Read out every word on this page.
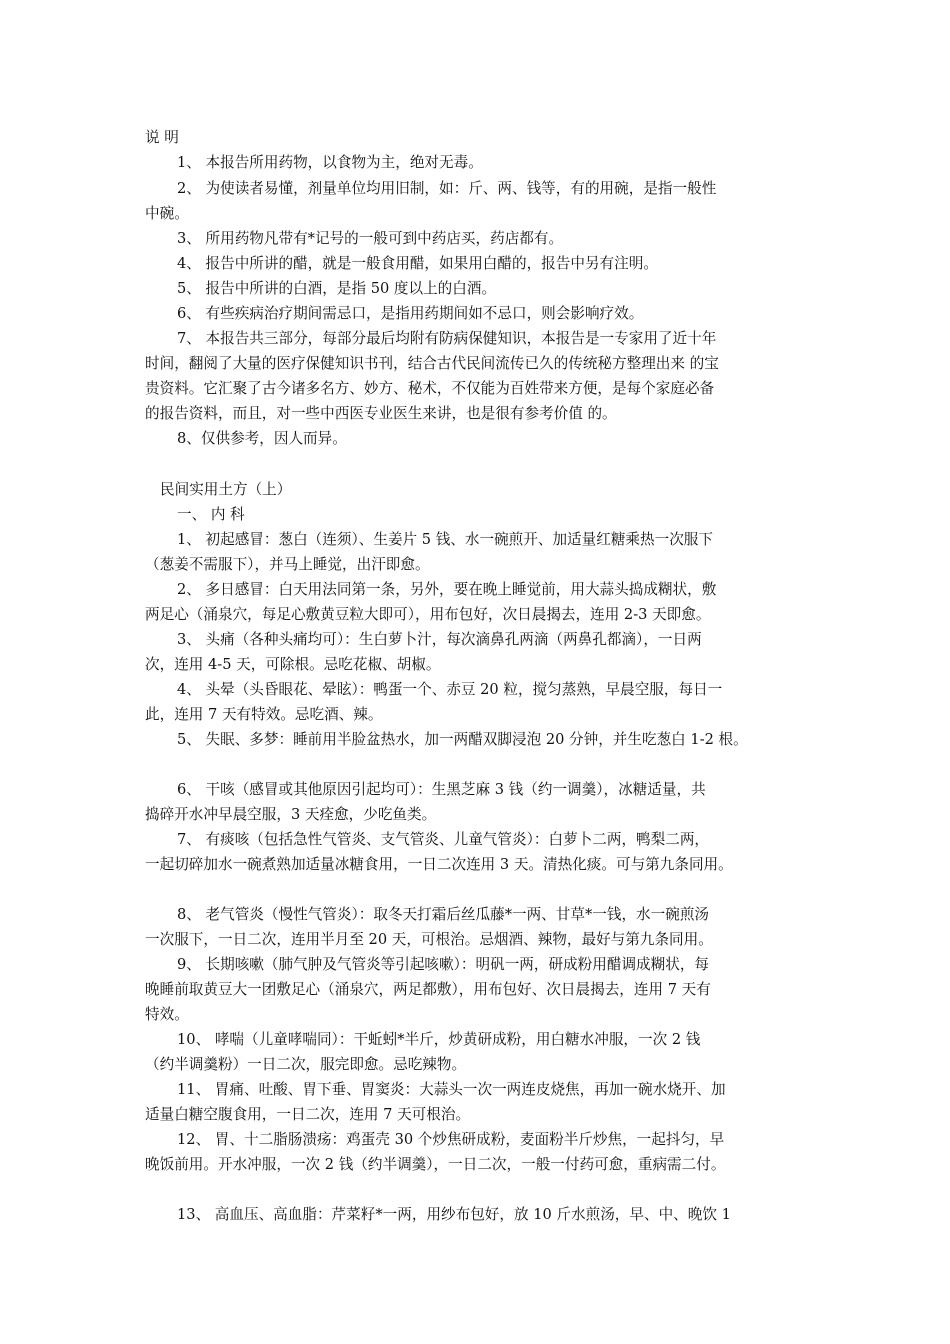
说 明
1、 本报告所用药物，以食物为主，绝对无毒。
2、 为使读者易懂，剂量单位均用旧制，如：斤、两、钱等，有的用碗，是指一般性
中碗。
3、 所用药物凡带有*记号的一般可到中药店买，药店都有。
4、 报告中所讲的醋，就是一般食用醋，如果用白醋的，报告中另有注明。
5、 报告中所讲的白酒，是指 50 度以上的白酒。
6、 有些疾病治疗期间需忌口，是指用药期间如不忌口，则会影响疗效。
7、 本报告共三部分，每部分最后均附有防病保健知识，本报告是一专家用了近十年
时间，翻阅了大量的医疗保健知识书刊，结合古代民间流传已久的传统秘方整理出来 的宝
贵资料。它汇聚了古今诸多名方、妙方、秘术，不仅能为百姓带来方便，是每个家庭必备
的报告资料，而且，对一些中西医专业医生来讲，也是很有参考价值 的。
8、仅供参考，因人而异。
民间实用土方（上）
一、 内 科
1、 初起感冒：葱白（连须）、生姜片 5 钱、水一碗煎开、加适量红糖乘热一次服下
（葱姜不需服下），并马上睡觉，出汗即愈。
2、 多日感冒：白天用法同第一条，另外，要在晚上睡觉前，用大蒜头捣成糊状，敷
两足心（涌泉穴，每足心敷黄豆粒大即可），用布包好，次日晨揭去，连用 2-3 天即愈。
3、 头痛（各种头痛均可）：生白萝卜汁，每次滴鼻孔两滴（两鼻孔都滴），一日两
次，连用 4-5 天，可除根。忌吃花椒、胡椒。
4、 头晕（头昏眼花、晕眩）：鸭蛋一个、赤豆 20 粒，搅匀蒸熟，早晨空服，每日一
此，连用 7 天有特效。忌吃酒、辣。
5、 失眠、多梦：睡前用半脸盆热水，加一两醋双脚浸泡 20 分钟，并生吃葱白 1-2 根。
6、 干咳（感冒或其他原因引起均可）：生黑芝麻 3 钱（约一调羹），冰糖适量，共
捣碎开水冲早晨空服，3 天痊愈，少吃鱼类。
7、 有痰咳（包括急性气管炎、支气管炎、儿童气管炎）：白萝卜二两，鸭梨二两，
一起切碎加水一碗煮熟加适量冰糖食用，一日二次连用 3 天。清热化痰。可与第九条同用。
8、 老气管炎（慢性气管炎）：取冬天打霜后丝瓜藤*一两、甘草*一钱，水一碗煎汤
一次服下，一日二次，连用半月至 20 天，可根治。忌烟酒、辣物，最好与第九条同用。
9、 长期咳嗽（肺气肿及气管炎等引起咳嗽）：明矾一两，研成粉用醋调成糊状，每
晚睡前取黄豆大一团敷足心（涌泉穴，两足都敷），用布包好、次日晨揭去，连用 7 天有
特效。
10、 哮喘（儿童哮喘同）：干蚯蚓*半斤，炒黄研成粉，用白糖水冲服，一次 2 钱
（约半调羹粉）一日二次，服完即愈。忌吃辣物。
11、 胃痛、吐酸、胃下垂、胃窦炎：大蒜头一次一两连皮烧焦，再加一碗水烧开、加
适量白糖空腹食用，一日二次，连用 7 天可根治。
12、 胃、十二脂肠溃疡：鸡蛋壳 30 个炒焦研成粉，麦面粉半斤炒焦，一起抖匀，早
晚饭前用。开水冲服，一次 2 钱（约半调羹），一日二次，一般一付药可愈，重病需二付。
13、 高血压、高血脂：芹菜籽*一两，用纱布包好，放 10 斤水煎汤，早、中、晚饮 1
